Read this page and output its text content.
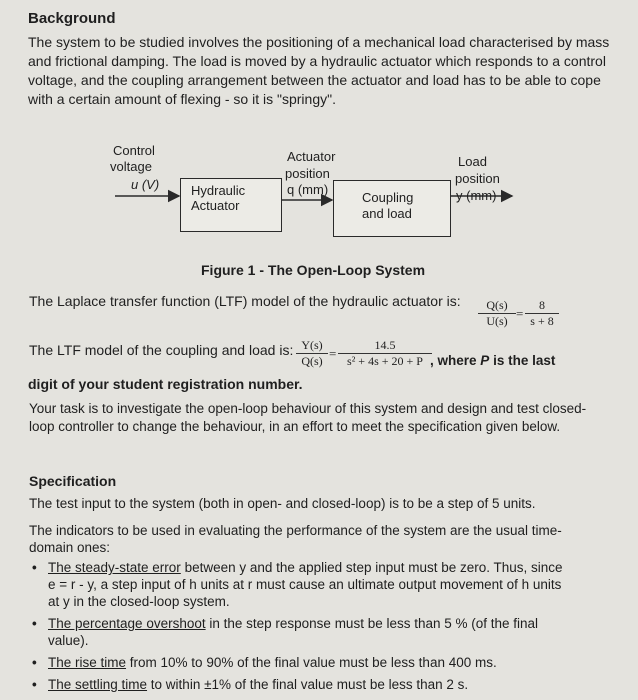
Background
The system to be studied involves the positioning of a mechanical load characterised by mass and frictional damping. The load is moved by a hydraulic actuator which responds to a control voltage, and the coupling arrangement between the actuator and load has to be able to cope with a certain amount of flexing - so it is "springy".
Control
voltage
u (V) Hydraulic
Actuator
Actuator
position
q (mm)
Coupling
and load
Load
position
y (mm)
Figure 1 - The Open-Loop System
The Laplace transfer function (LTF) model of the hydraulic actuator is: $\frac{Q(s)}{U(s)} = \frac{8}{s + 8}$
The LTF model of the coupling and load is: $\frac{Y(s)}{Q(s)} = \frac{14.5}{\text{s² + 4s + 20 + P}}$
, where P is the last
digit of your student registration number.
Your task is to investigate the open-loop behaviour of this system and design and test closed-loop controller to change the behaviour, in an effort to meet the specification given below.
Specification
The test input to the system (both in open- and closed-loop) is to be a step of 5 units.
The indicators to be used in evaluating the performance of the system are the usual time-domain ones:
• The steady-state error between y and the applied step input must be zero. Thus, since e = r - y, a step input of h units at r must cause an ultimate output movement of h units at y in the closed-loop system.
• The percentage overshoot in the step response must be less than 5 % (of the final value).
• The rise time from 10% to 90% of the final value must be less than 400 ms.
• The settling time to within ±1% of the final value must be less than 2 s.
